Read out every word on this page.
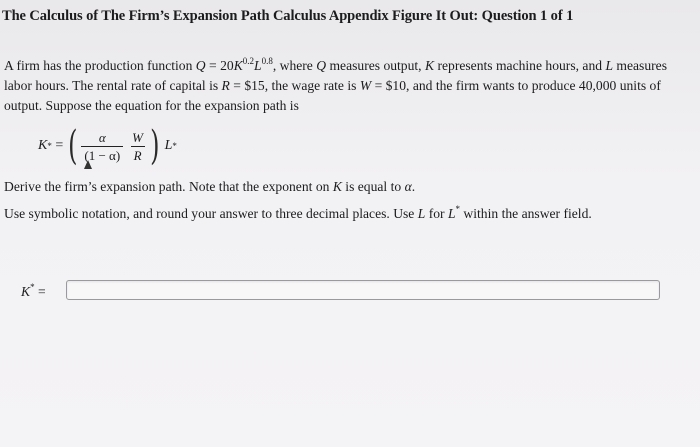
The Calculus of The Firm’s Expansion Path Calculus Appendix Figure It Out: Question 1 of 1

A firm has the production function $Q = 20K^{0.2}L^{0.8}$, where Q measures output, K represents machine hours, and L measures

labor hours. The rental rate of capital is R = $15, the wage rate is W = $10, and the firm wants to produce 40,000 units of

output. Suppose the equation for the expansion path is

K * = ( $\frac{\alpha}{(1 - \alpha)} \frac{W}{R}$ ) L *
Derive the firm’s expansion path. Note that the exponent on K is equal to α.
Use symbolic notation, and round your answer to three decimal places. Use L for L* within the answer field.
K* =
